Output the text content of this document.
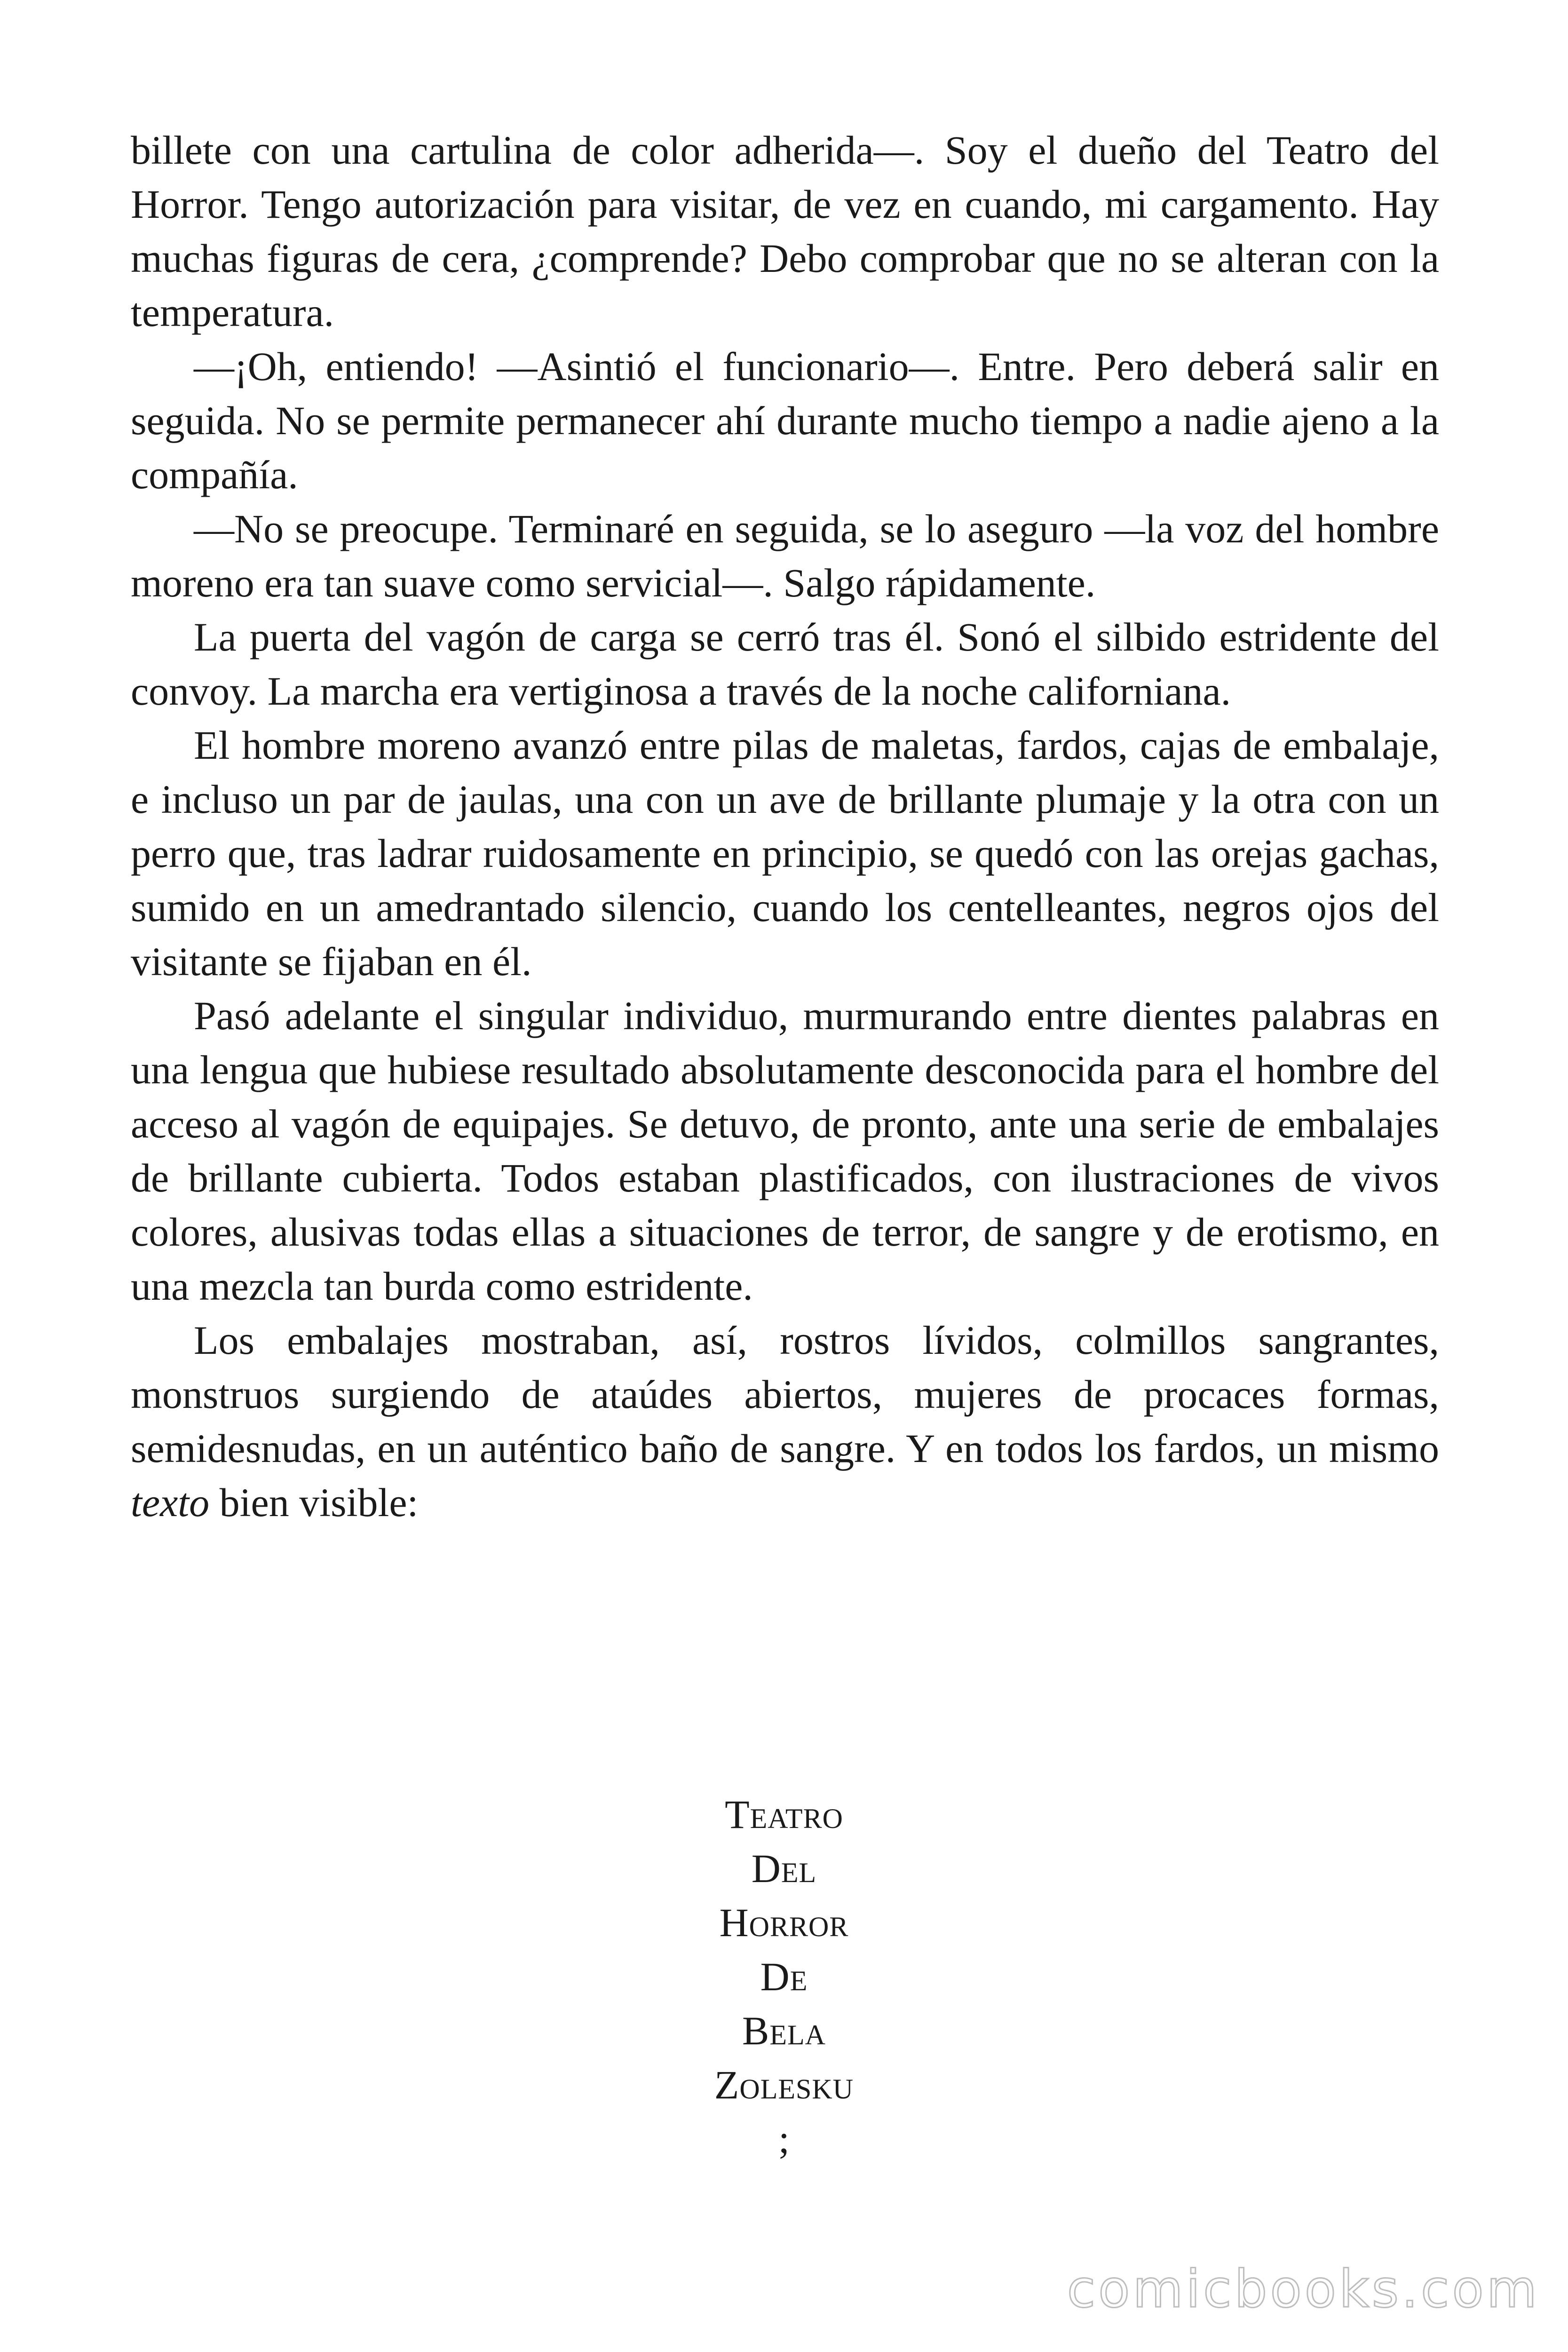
billete con una cartulina de color adherida—. Soy el dueño del Teatro del Horror. Tengo autorización para visitar, de vez en cuando, mi cargamento. Hay muchas figuras de cera, ¿comprende? Debo comprobar que no se alteran con la temperatura.

—¡Oh, entiendo! —Asintió el funcionario—. Entre. Pero deberá salir en seguida. No se permite permanecer ahí durante mucho tiempo a nadie ajeno a la compañía.

—No se preocupe. Terminaré en seguida, se lo aseguro —la voz del hombre moreno era tan suave como servicial—. Salgo rápidamente.

La puerta del vagón de carga se cerró tras él. Sonó el silbido estridente del convoy. La marcha era vertiginosa a través de la noche californiana.

El hombre moreno avanzó entre pilas de maletas, fardos, cajas de embalaje, e incluso un par de jaulas, una con un ave de brillante plumaje y la otra con un perro que, tras ladrar ruidosamente en principio, se quedó con las orejas gachas, sumido en un amedrantado silencio, cuando los centelleantes, negros ojos del visitante se fijaban en él.

Pasó adelante el singular individuo, murmurando entre dientes palabras en una lengua que hubiese resultado absolutamente desconocida para el hombre del acceso al vagón de equipajes. Se detuvo, de pronto, ante una serie de embalajes de brillante cubierta. Todos estaban plastificados, con ilustraciones de vivos colores, alusivas todas ellas a situaciones de terror, de sangre y de erotismo, en una mezcla tan burda como estridente.

Los embalajes mostraban, así, rostros lívidos, colmillos sangrantes, monstruos surgiendo de ataúdes abiertos, mujeres de procaces formas, semidesnudas, en un auténtico baño de sangre. Y en todos los fardos, un mismo texto bien visible:

Teatro
Del
Horror
De
Bela
Zolesku
;
comicbooks.com
